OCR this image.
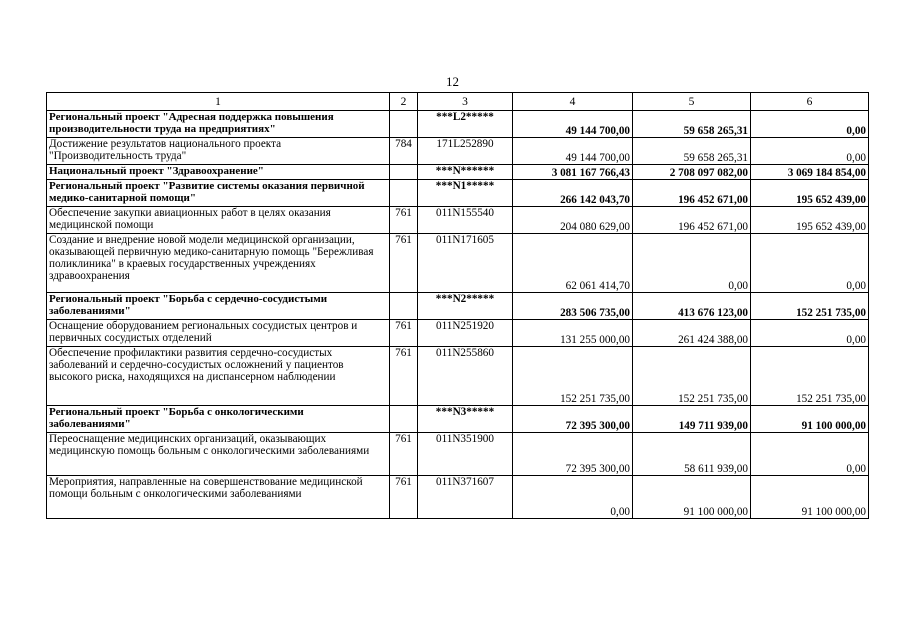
12
1	2	3	4	5	6
Региональный проект "Адресная поддержка повышения производительности труда на предприятиях"		***L2*****	49 144 700,00	59 658 265,31	0,00
Достижение результатов национального проекта "Производительность труда"	784	171L252890	49 144 700,00	59 658 265,31	0,00
Национальный проект "Здравоохранение"		***N******	3 081 167 766,43	2 708 097 082,00	3 069 184 854,00
Региональный проект "Развитие системы оказания первичной медико-санитарной помощи"		***N1*****	266 142 043,70	196 452 671,00	195 652 439,00
Обеспечение закупки авиационных работ в целях оказания медицинской помощи	761	011N155540	204 080 629,00	196 452 671,00	195 652 439,00
Создание и внедрение новой модели медицинской организации, оказывающей первичную медико-санитарную помощь "Бережливая поликлиника" в краевых государственных учреждениях здравоохранения	761	011N171605	62 061 414,70	0,00	0,00
Региональный проект "Борьба с сердечно-сосудистыми заболеваниями"		***N2*****	283 506 735,00	413 676 123,00	152 251 735,00
Оснащение оборудованием региональных сосудистых центров и первичных сосудистых отделений	761	011N251920	131 255 000,00	261 424 388,00	0,00
Обеспечение профилактики развития сердечно-сосудистых заболеваний и сердечно-сосудистых осложнений у пациентов высокого риска, находящихся на диспансерном наблюдении	761	011N255860	152 251 735,00	152 251 735,00	152 251 735,00
Региональный проект "Борьба с онкологическими заболеваниями"		***N3*****	72 395 300,00	149 711 939,00	91 100 000,00
Переоснащение медицинских организаций, оказывающих медицинскую помощь больным с онкологическими заболеваниями	761	011N351900	72 395 300,00	58 611 939,00	0,00
Мероприятия, направленные на совершенствование медицинской помощи больным с онкологическими заболеваниями	761	011N371607	0,00	91 100 000,00	91 100 000,00
